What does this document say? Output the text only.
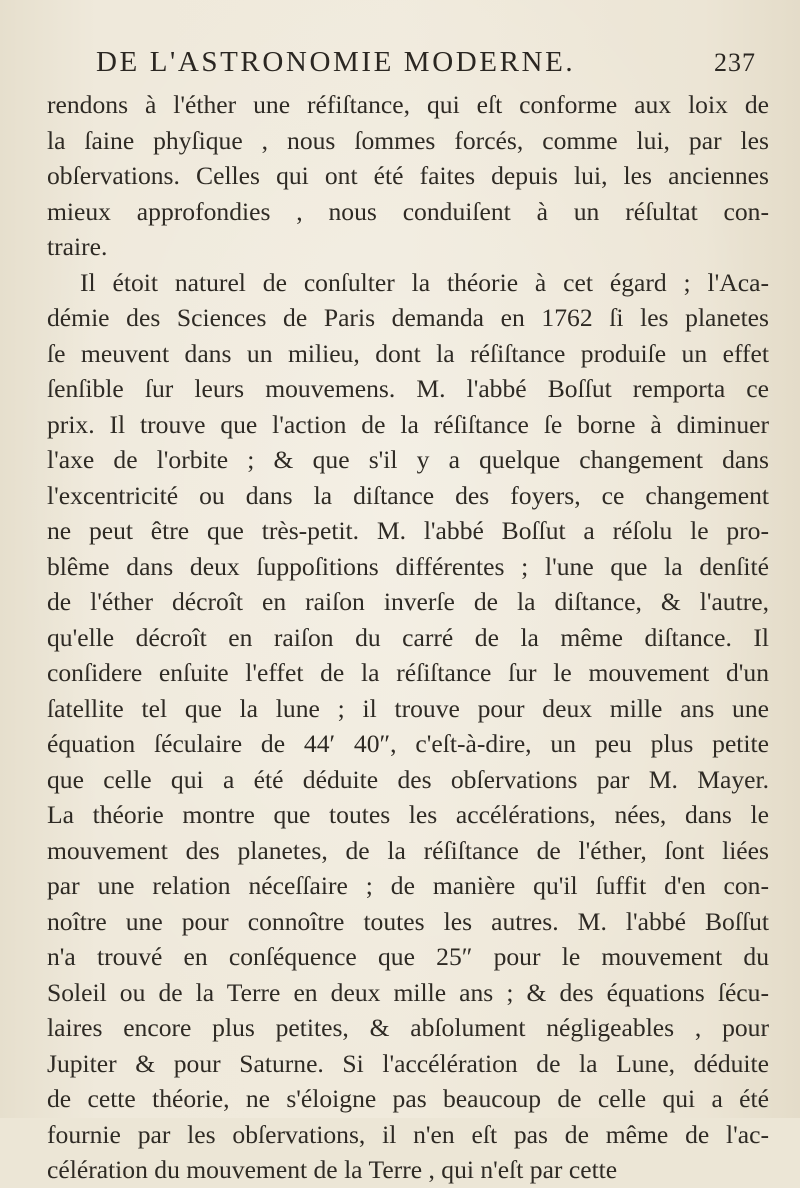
DE L'ASTRONOMIE MODERNE.	237
rendons à l'éther une réfiſtance, qui eſt conforme aux loix de
la ſaine phyſique , nous ſommes forcés, comme lui, par les
obſervations. Celles qui ont été faites depuis lui, les anciennes
mieux approfondies , nous conduiſent à un réſultat con-
traire.
Il étoit naturel de conſulter la théorie à cet égard ; l'Aca-
démie des Sciences de Paris demanda en 1762 ſi les planetes
ſe meuvent dans un milieu, dont la réſiſtance produiſe un effet
ſenſible ſur leurs mouvemens. M. l'abbé Boſſut remporta ce
prix. Il trouve que l'action de la réſiſtance ſe borne à diminuer
l'axe de l'orbite ; & que s'il y a quelque changement dans
l'excentricité ou dans la diſtance des foyers, ce changement
ne peut être que très-petit. M. l'abbé Boſſut a réſolu le pro-
blême dans deux ſuppoſitions différentes ; l'une que la denſité
de l'éther décroît en raiſon inverſe de la diſtance, & l'autre,
qu'elle décroît en raiſon du carré de la même diſtance. Il
conſidere enſuite l'effet de la réſiſtance ſur le mouvement d'un
ſatellite tel que la lune ; il trouve pour deux mille ans une
équation ſéculaire de 44′ 40″, c'eſt-à-dire, un peu plus petite
que celle qui a été déduite des obſervations par M. Mayer.
La théorie montre que toutes les accélérations, nées, dans le
mouvement des planetes, de la réſiſtance de l'éther, ſont liées
par une relation néceſſaire ; de manière qu'il ſuffit d'en con-
noître une pour connoître toutes les autres. M. l'abbé Boſſut
n'a trouvé en conſéquence que 25″ pour le mouvement du
Soleil ou de la Terre en deux mille ans ; & des équations ſécu-
laires encore plus petites, & abſolument négligeables , pour
Jupiter & pour Saturne. Si l'accélération de la Lune, déduite
de cette théorie, ne s'éloigne pas beaucoup de celle qui a été
fournie par les obſervations, il n'en eſt pas de même de l'ac-
célération du mouvement de la Terre , qui n'eſt par cette
